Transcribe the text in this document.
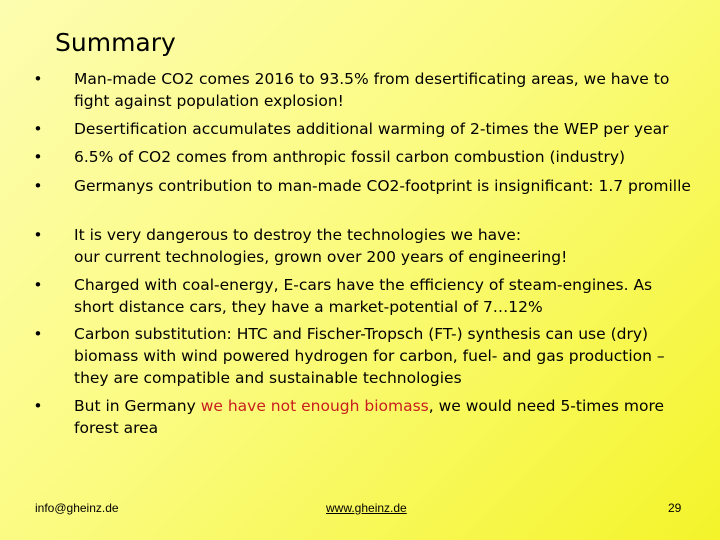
Summary
• Man-made CO2 comes 2016 to 93.5% from desertificating areas, we have to fight against population explosion!
• Desertification accumulates additional warming of 2-times the WEP per year
• 6.5% of CO2 comes from anthropic fossil carbon combustion (industry)
• Germanys contribution to man-made CO2-footprint is insignificant: 1.7 promille
• It is very dangerous to destroy the technologies we have:
our current technologies, grown over 200 years of engineering!
• Charged with coal-energy, E-cars have the efficiency of steam-engines. As short distance cars, they have a market-potential of 7…12%
• Carbon substitution: HTC and Fischer-Tropsch (FT-) synthesis can use (dry) biomass with wind powered hydrogen for carbon, fuel- and gas production – they are compatible and sustainable technologies
• But in Germany we have not enough biomass, we would need 5-times more forest area
info@gheinz.de	www.gheinz.de	29
